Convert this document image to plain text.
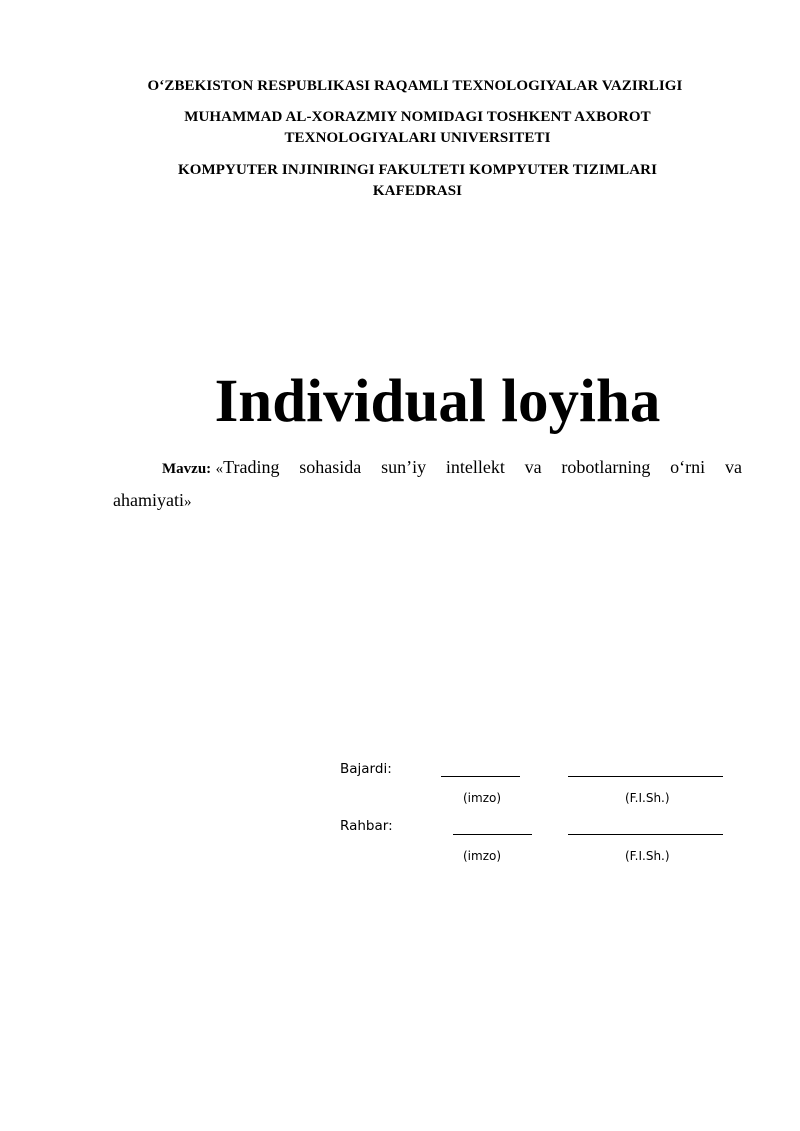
O‘ZBEKISTON RESPUBLIKASI RAQAMLI TEXNOLOGIYALAR VAZIRLIGI
MUHAMMAD AL-XORAZMIY NOMIDAGI TOSHKENT AXBOROT
TEXNOLOGIYALARI UNIVERSITETI
KOMPYUTER INJINIRINGI FAKULTETI KOMPYUTER TIZIMLARI
KAFEDRASI
Individual loyiha
Mavzu: «Trading sohasida sun’iy intellekt va robotlarning o‘rni va
ahamiyati»
Bajardi:
(imzo)	(F.I.Sh.)
Rahbar:
(imzo)	(F.I.Sh.)
